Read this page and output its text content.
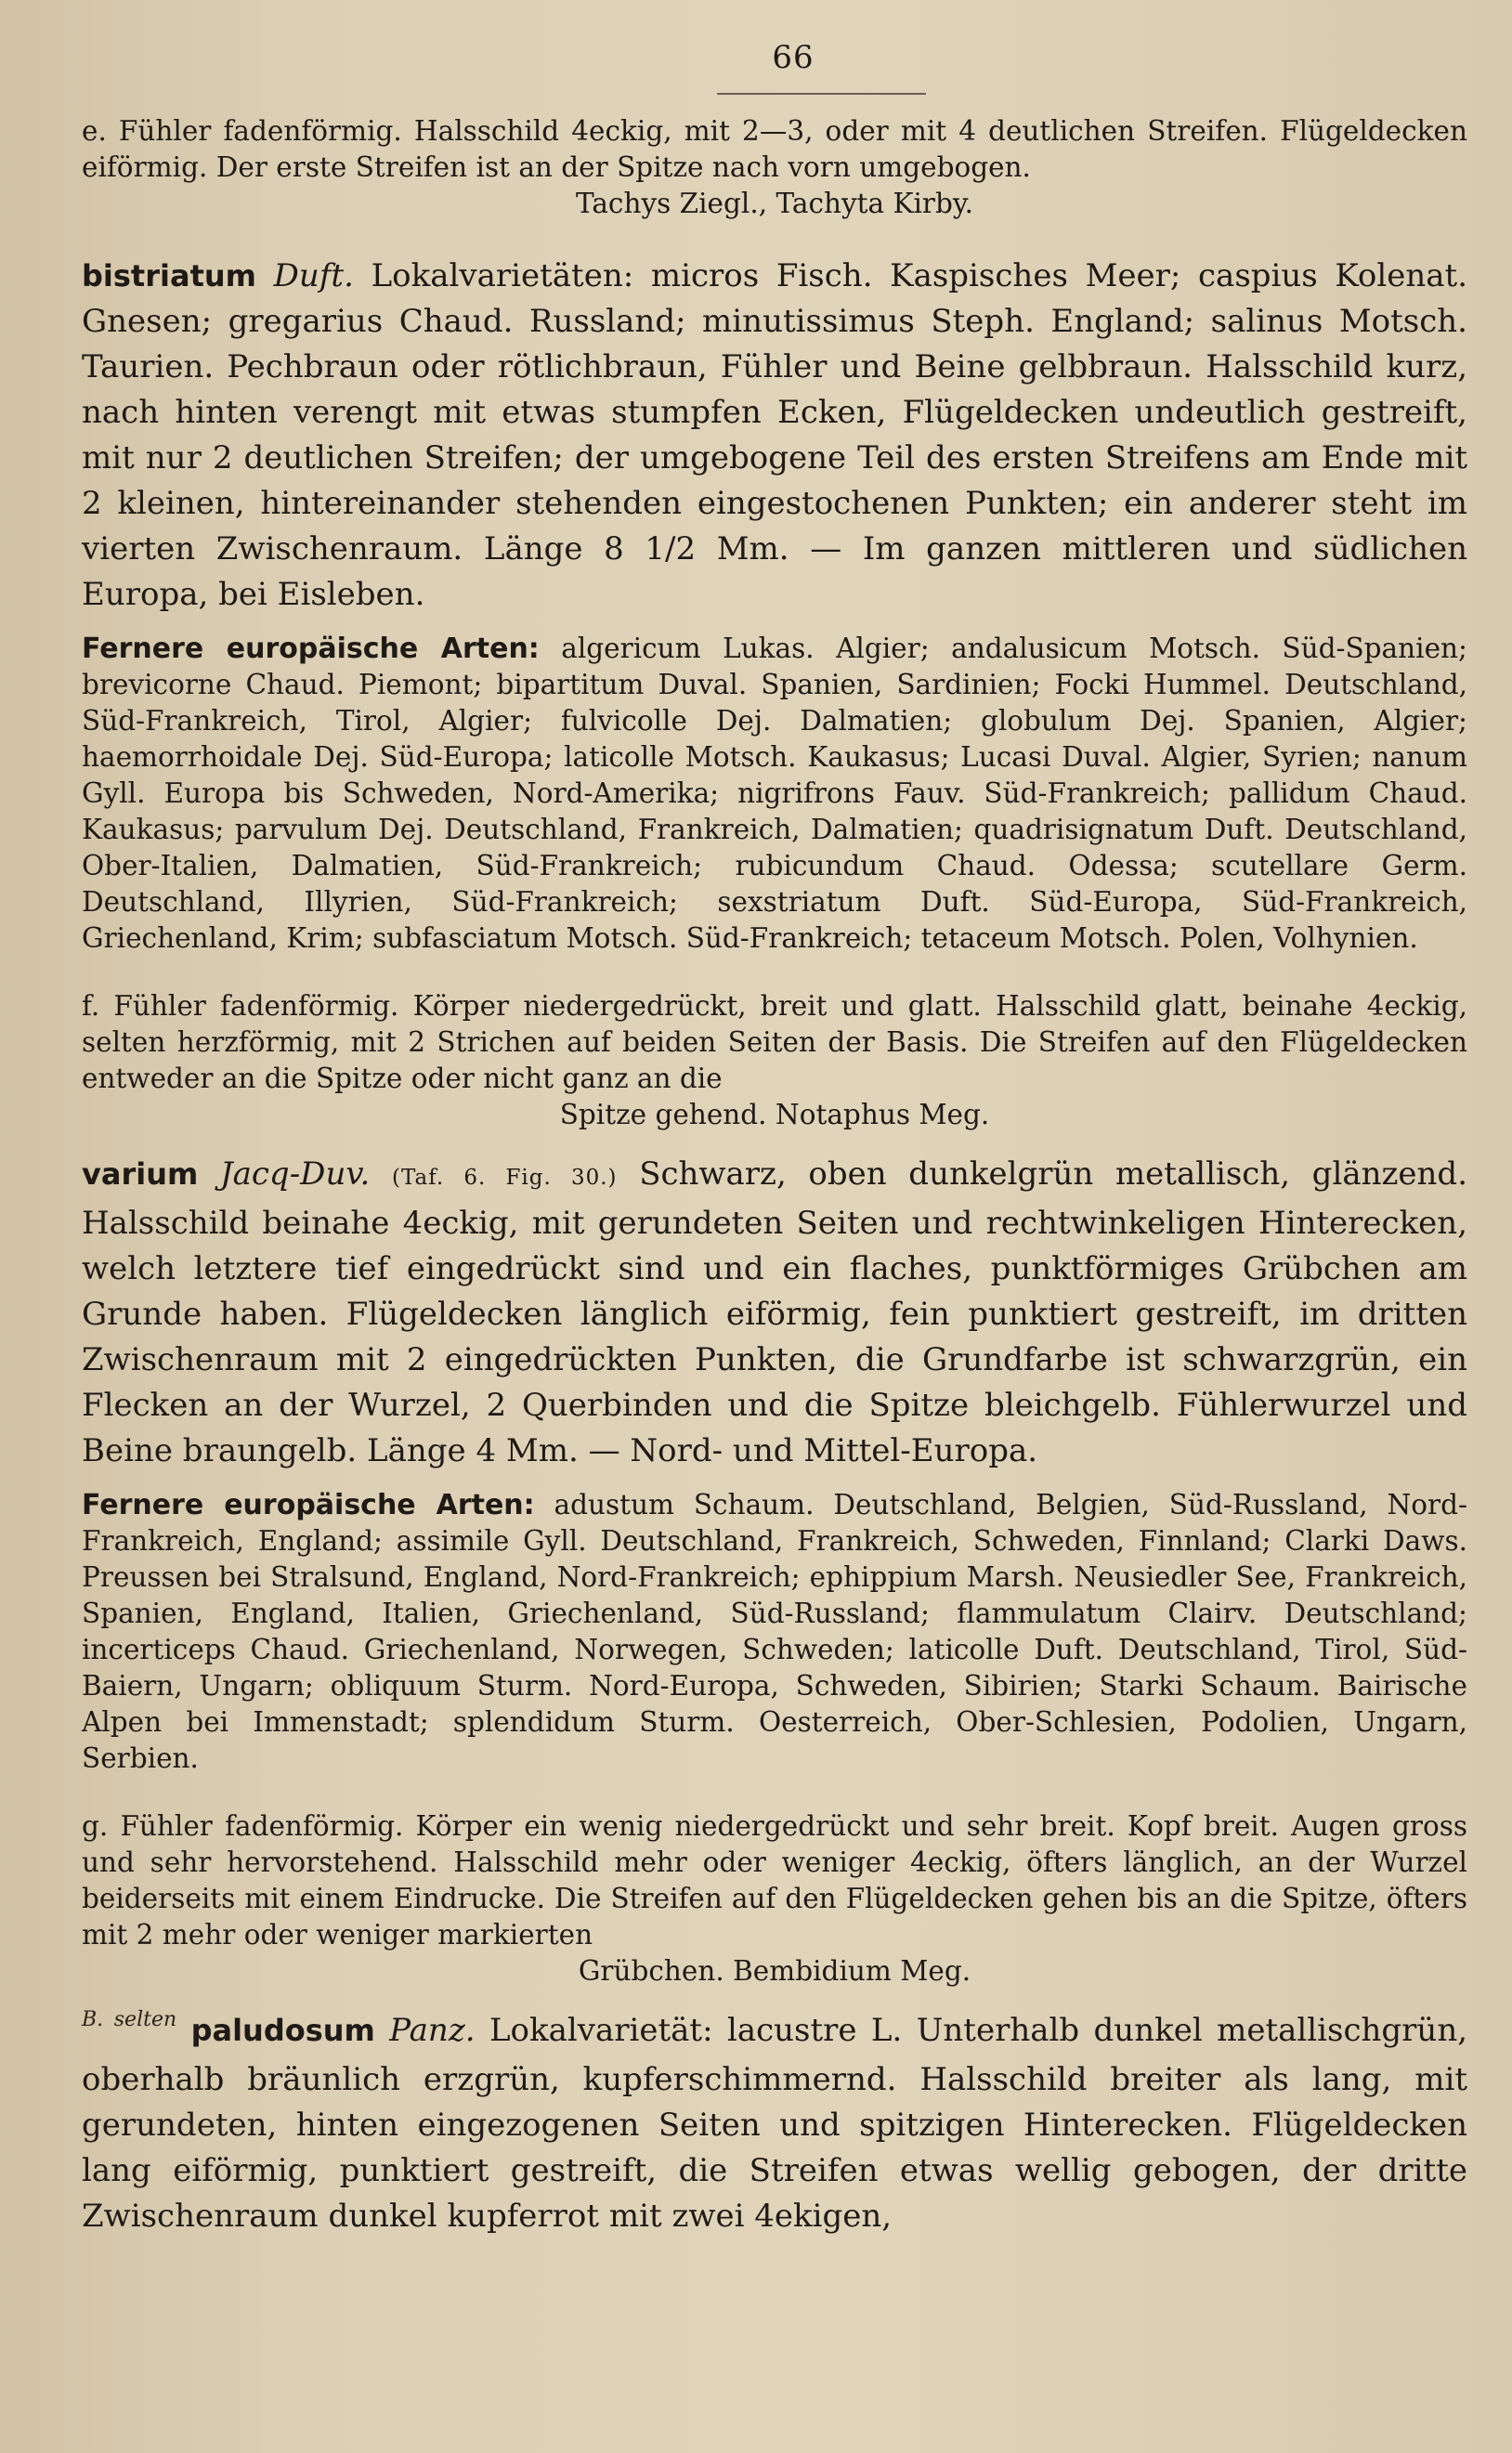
66

e. Fühler fadenförmig. Halsschild 4eckig, mit 2—3, oder mit 4 deutlichen Streifen. Flügeldecken eiförmig. Der erste Streifen ist an der Spitze nach vorn umgebogen.

Tachys Ziegl., Tachyta Kirby.

bistriatum Duft. Lokalvarietäten: micros Fisch. Kaspisches Meer; caspius Kolenat. Gnesen; gregarius Chaud. Russland; minutissimus Steph. England; salinus Motsch. Taurien. Pechbraun oder rötlichbraun, Fühler und Beine gelbbraun. Halsschild kurz, nach hinten verengt mit etwas stumpfen Ecken, Flügeldecken undeutlich gestreift, mit nur 2 deutlichen Streifen; der umgebogene Teil des ersten Streifens am Ende mit 2 kleinen, hintereinander stehenden eingestochenen Punkten; ein anderer steht im vierten Zwischenraum. Länge 8 1/2 Mm. — Im ganzen mittleren und südlichen Europa, bei Eisleben.

Fernere europäische Arten: algericum Lukas. Algier; andalusicum Motsch. Süd-Spanien; brevicorne Chaud. Piemont; bipartitum Duval. Spanien, Sardinien; Focki Hummel. Deutschland, Süd-Frankreich, Tirol, Algier; fulvicolle Dej. Dalmatien; globulum Dej. Spanien, Algier; haemorrhoidale Dej. Süd-Europa; laticolle Motsch. Kaukasus; Lucasi Duval. Algier, Syrien; nanum Gyll. Europa bis Schweden, Nord-Amerika; nigrifrons Fauv. Süd-Frankreich; pallidum Chaud. Kaukasus; parvulum Dej. Deutschland, Frankreich, Dalmatien; quadrisignatum Duft. Deutschland, Ober-Italien, Dalmatien, Süd-Frankreich; rubicundum Chaud. Odessa; scutellare Germ. Deutschland, Illyrien, Süd-Frankreich; sexstriatum Duft. Süd-Europa, Süd-Frankreich, Griechenland, Krim; subfasciatum Motsch. Süd-Frankreich; tetaceum Motsch. Polen, Volhynien.

f. Fühler fadenförmig. Körper niedergedrückt, breit und glatt. Halsschild glatt, beinahe 4eckig, selten herzförmig, mit 2 Strichen auf beiden Seiten der Basis. Die Streifen auf den Flügeldecken entweder an die Spitze oder nicht ganz an die

Spitze gehend. Notaphus Meg.

varium Jacq-Duv. (Taf. 6. Fig. 30.) Schwarz, oben dunkelgrün metallisch, glänzend. Halsschild beinahe 4eckig, mit gerundeten Seiten und rechtwinkeligen Hinterecken, welch letztere tief eingedrückt sind und ein flaches, punktförmiges Grübchen am Grunde haben. Flügeldecken länglich eiförmig, fein punktiert gestreift, im dritten Zwischenraum mit 2 eingedrückten Punkten, die Grundfarbe ist schwarzgrün, ein Flecken an der Wurzel, 2 Querbinden und die Spitze bleichgelb. Fühlerwurzel und Beine braungelb. Länge 4 Mm. — Nord- und Mittel-Europa.

Fernere europäische Arten: adustum Schaum. Deutschland, Belgien, Süd-Russland, Nord-Frankreich, England; assimile Gyll. Deutschland, Frankreich, Schweden, Finnland; Clarki Daws. Preussen bei Stralsund, England, Nord-Frankreich; ephippium Marsh. Neusiedler See, Frankreich, Spanien, England, Italien, Griechenland, Süd-Russland; flammulatum Clairv. Deutschland; incerticeps Chaud. Griechenland, Norwegen, Schweden; laticolle Duft. Deutschland, Tirol, Süd-Baiern, Ungarn; obliquum Sturm. Nord-Europa, Schweden, Sibirien; Starki Schaum. Bairische Alpen bei Immenstadt; splendidum Sturm. Oesterreich, Ober-Schlesien, Podolien, Ungarn, Serbien.

g. Fühler fadenförmig. Körper ein wenig niedergedrückt und sehr breit. Kopf breit. Augen gross und sehr hervorstehend. Halsschild mehr oder weniger 4eckig, öfters länglich, an der Wurzel beiderseits mit einem Eindrucke. Die Streifen auf den Flügeldecken gehen bis an die Spitze, öfters mit 2 mehr oder weniger markierten

Grübchen. Bembidium Meg.

$^{B. selten}$ paludosum Panz. Lokalvarietät: lacustre L. Unterhalb dunkel metallischgrün, oberhalb bräunlich erzgrün, kupferschimmernd. Halsschild breiter als lang, mit gerundeten, hinten eingezogenen Seiten und spitzigen Hinterecken. Flügeldecken lang eiförmig, punktiert gestreift, die Streifen etwas wellig gebogen, der dritte Zwischenraum dunkel kupferrot mit zwei 4ekigen,
